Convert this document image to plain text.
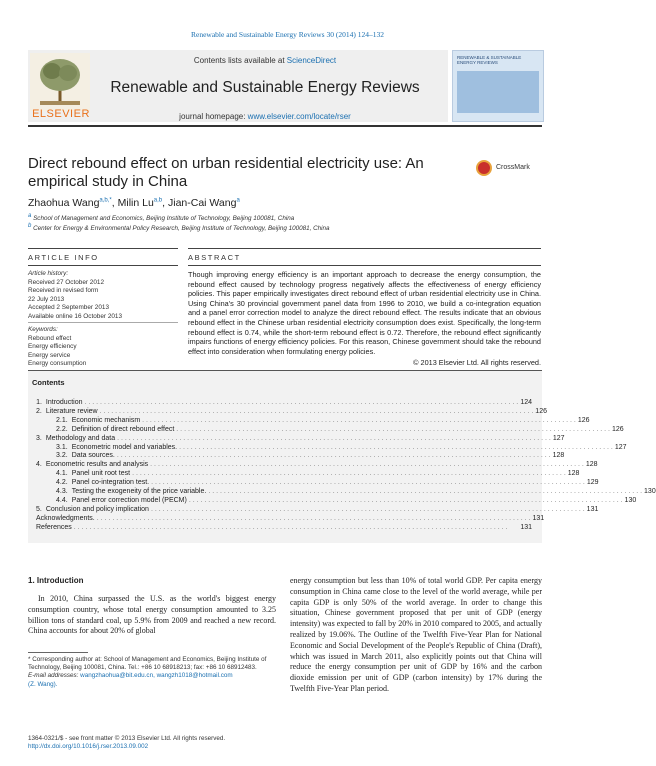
Renewable and Sustainable Energy Reviews 30 (2014) 124–132
ELSEVIER
Contents lists available at ScienceDirect
Renewable and Sustainable Energy Reviews
journal homepage: www.elsevier.com/locate/rser
RENEWABLE & SUSTAINABLE ENERGY REVIEWS
Direct rebound effect on urban residential electricity use: An empirical study in China
CrossMark
Zhaohua Wang$^{a,b,*}$, Milin Lu$^{a,b}$, Jian-Cai Wang$^a$
$^a$ School of Management and Economics, Beijing Institute of Technology, Beijing 100081, China
$^b$ Center for Energy & Environmental Policy Research, Beijing Institute of Technology, Beijing 100081, China
ARTICLE INFO	ABSTRACT
Article history:
Received 27 October 2012
Received in revised form
22 July 2013
Accepted 2 September 2013
Available online 16 October 2013
Keywords:
Rebound effect
Energy efficiency
Energy service
Energy consumption
Though improving energy efficiency is an important approach to decrease the energy consumption, the rebound effect caused by technology progress negatively affects the effectiveness of energy efficiency policies. This paper empirically investigates direct rebound effect of urban residential electricity use in China. Using China's 30 provincial government panel data from 1996 to 2010, we build a co-integration equation and a panel error correction model to analyze the direct rebound effect. The results indicate that an obvious rebound effect in the Chinese urban residential electricity consumption does exist. Specifically, the long-term rebound effect is 0.74, while the short-term rebound effect is 0.72. Therefore, the rebound effect significantly impairs functions of energy efficiency policies. For this reason, Chinese government should take the rebound effect into consideration when formulating energy policies.
© 2013 Elsevier Ltd. All rights reserved.
1. Introduction . . . . . . . . . . . . . . . . . . . . . . . . . . . . . . . . . . . . . . . . . . . . . . . . . . . . . . . . . . . . . . . . . . . . . . . . . . . . . . . . . . . . . . . . . . . . . . . . . . . . . . . . . . . . . . . . 124
2. Literature review . . . . . . . . . . . . . . . . . . . . . . . . . . . . . . . . . . . . . . . . . . . . . . . . . . . . . . . . . . . . . . . . . . . . . . . . . . . . . . . . . . . . . . . . . . . . . . . . . . . . . . . . . . . . . . . . 126
2.1. Economic mechanism . . . . . . . . . . . . . . . . . . . . . . . . . . . . . . . . . . . . . . . . . . . . . . . . . . . . . . . . . . . . . . . . . . . . . . . . . . . . . . . . . . . . . . . . . . . . . . . . . . . . . . . . . . . . . . . . 126
2.2. Definition of direct rebound effect . . . . . . . . . . . . . . . . . . . . . . . . . . . . . . . . . . . . . . . . . . . . . . . . . . . . . . . . . . . . . . . . . . . . . . . . . . . . . . . . . . . . . . . . . . . . . . . . . . . . . . . . . . . . . . . . 126
3. Methodology and data . . . . . . . . . . . . . . . . . . . . . . . . . . . . . . . . . . . . . . . . . . . . . . . . . . . . . . . . . . . . . . . . . . . . . . . . . . . . . . . . . . . . . . . . . . . . . . . . . . . . . . . . . . . . . . . . 127
3.1. Econometric model and variables. . . . . . . . . . . . . . . . . . . . . . . . . . . . . . . . . . . . . . . . . . . . . . . . . . . . . . . . . . . . . . . . . . . . . . . . . . . . . . . . . . . . . . . . . . . . . . . . . . . . . . . . . . . . . . . . . 127
3.2. Data sources. . . . . . . . . . . . . . . . . . . . . . . . . . . . . . . . . . . . . . . . . . . . . . . . . . . . . . . . . . . . . . . . . . . . . . . . . . . . . . . . . . . . . . . . . . . . . . . . . . . . . . . . . . . . . . . . . 128
4. Econometric results and analysis . . . . . . . . . . . . . . . . . . . . . . . . . . . . . . . . . . . . . . . . . . . . . . . . . . . . . . . . . . . . . . . . . . . . . . . . . . . . . . . . . . . . . . . . . . . . . . . . . . . . . . . . . . . . . . . . 128
4.1. Panel unit root test . . . . . . . . . . . . . . . . . . . . . . . . . . . . . . . . . . . . . . . . . . . . . . . . . . . . . . . . . . . . . . . . . . . . . . . . . . . . . . . . . . . . . . . . . . . . . . . . . . . . . . . . . . . . . . . . 128
4.2. Panel co-integration test. . . . . . . . . . . . . . . . . . . . . . . . . . . . . . . . . . . . . . . . . . . . . . . . . . . . . . . . . . . . . . . . . . . . . . . . . . . . . . . . . . . . . . . . . . . . . . . . . . . . . . . . . . . . . . . . . 129
4.3. Testing the exogeneity of the price variable. . . . . . . . . . . . . . . . . . . . . . . . . . . . . . . . . . . . . . . . . . . . . . . . . . . . . . . . . . . . . . . . . . . . . . . . . . . . . . . . . . . . . . . . . . . . . . . . . . . . . . . . . . . . . . . . . 130
4.4. Panel error correction model (PECM) . . . . . . . . . . . . . . . . . . . . . . . . . . . . . . . . . . . . . . . . . . . . . . . . . . . . . . . . . . . . . . . . . . . . . . . . . . . . . . . . . . . . . . . . . . . . . . . . . . . . . . . . . . . . . . . . 130
5. Conclusion and policy implication . . . . . . . . . . . . . . . . . . . . . . . . . . . . . . . . . . . . . . . . . . . . . . . . . . . . . . . . . . . . . . . . . . . . . . . . . . . . . . . . . . . . . . . . . . . . . . . . . . . . . . . . . . . . . . . . 131
Acknowledgments. . . . . . . . . . . . . . . . . . . . . . . . . . . . . . . . . . . . . . . . . . . . . . . . . . . . . . . . . . . . . . . . . . . . . . . . . . . . . . . . . . . . . . . . . . . . . . . . . . . . . . . . . . . . . . . . . 131
References . . . . . . . . . . . . . . . . . . . . . . . . . . . . . . . . . . . . . . . . . . . . . . . . . . . . . . . . . . . . . . . . . . . . . . . . . . . . . . . . . . . . . . . . . . . . . . . . . . . . . . . . . . . . . . . .	131
Contents
1. Introduction
In 2010, China surpassed the U.S. as the world's biggest energy consumption country, whose total energy consumption amounted to 3.25 billion tons of standard coal, up 5.9% from 2009 and reached a new record. China accounts for about 20% of global
energy consumption but less than 10% of total world GDP. Per capita energy consumption in China came close to the level of the world average, while per capita GDP is only 50% of the world average. In order to change this situation, Chinese government proposed that per unit of GDP (energy intensity) was expected to fall by 20% in 2010 compared to 2005, and actually realized by 19.06%. The Outline of the Twelfth Five-Year Plan for National Economic and Social Development of the People's Republic of China (Draft), which was issued in March 2011, also explicitly points out that China will reduce the energy consumption per unit of GDP by 16% and the carbon dioxide emission per unit of GDP (carbon intensity) by 17% during the Twelfth Five-Year Plan period.
* Corresponding author at: School of Management and Economics, Beijing Institute of Technology, Beijing 100081, China. Tel.: +86 10 68918213; fax: +86 10 68912483.
E-mail addresses: wangzhaohua@bit.edu.cn, wangzh1018@hotmail.com
(Z. Wang).
1364-0321/$ - see front matter © 2013 Elsevier Ltd. All rights reserved.
http://dx.doi.org/10.1016/j.rser.2013.09.002
